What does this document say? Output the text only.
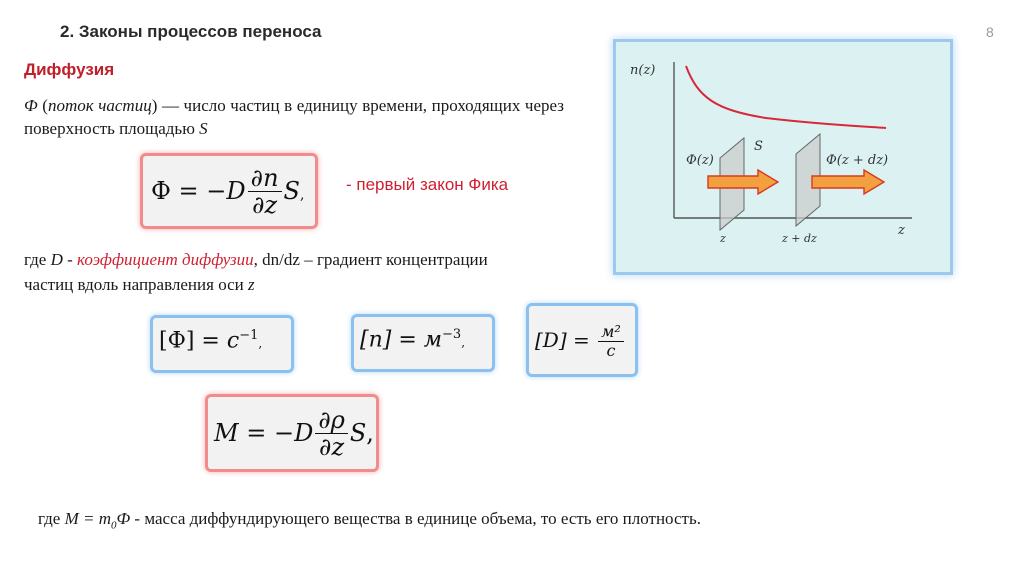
2. Законы процессов переноса	8
Диффузия
Ф (поток частиц) — число частиц в единицу времени, проходящих через поверхность площадью S
$Ф = -D \frac{\partial n}{\partial z} S$,
- первый закон Фика
где D - коэффициент диффузии, dn/dz – градиент концентрации частиц вдоль направления оси z
$[Ф] = c^{-1}$,	$[n] = м^{-3}$,	$[D] = \frac{\text{м²}}{c}$
$M = -D \frac{\partial\rho}{\partial z} S$,
где $M = m_0Ф$ - масса диффундирующего вещества в единице объема, то есть его плотность.
n(z)
z
S
Ф(z)	Ф(z + dz)
z	z + dz
